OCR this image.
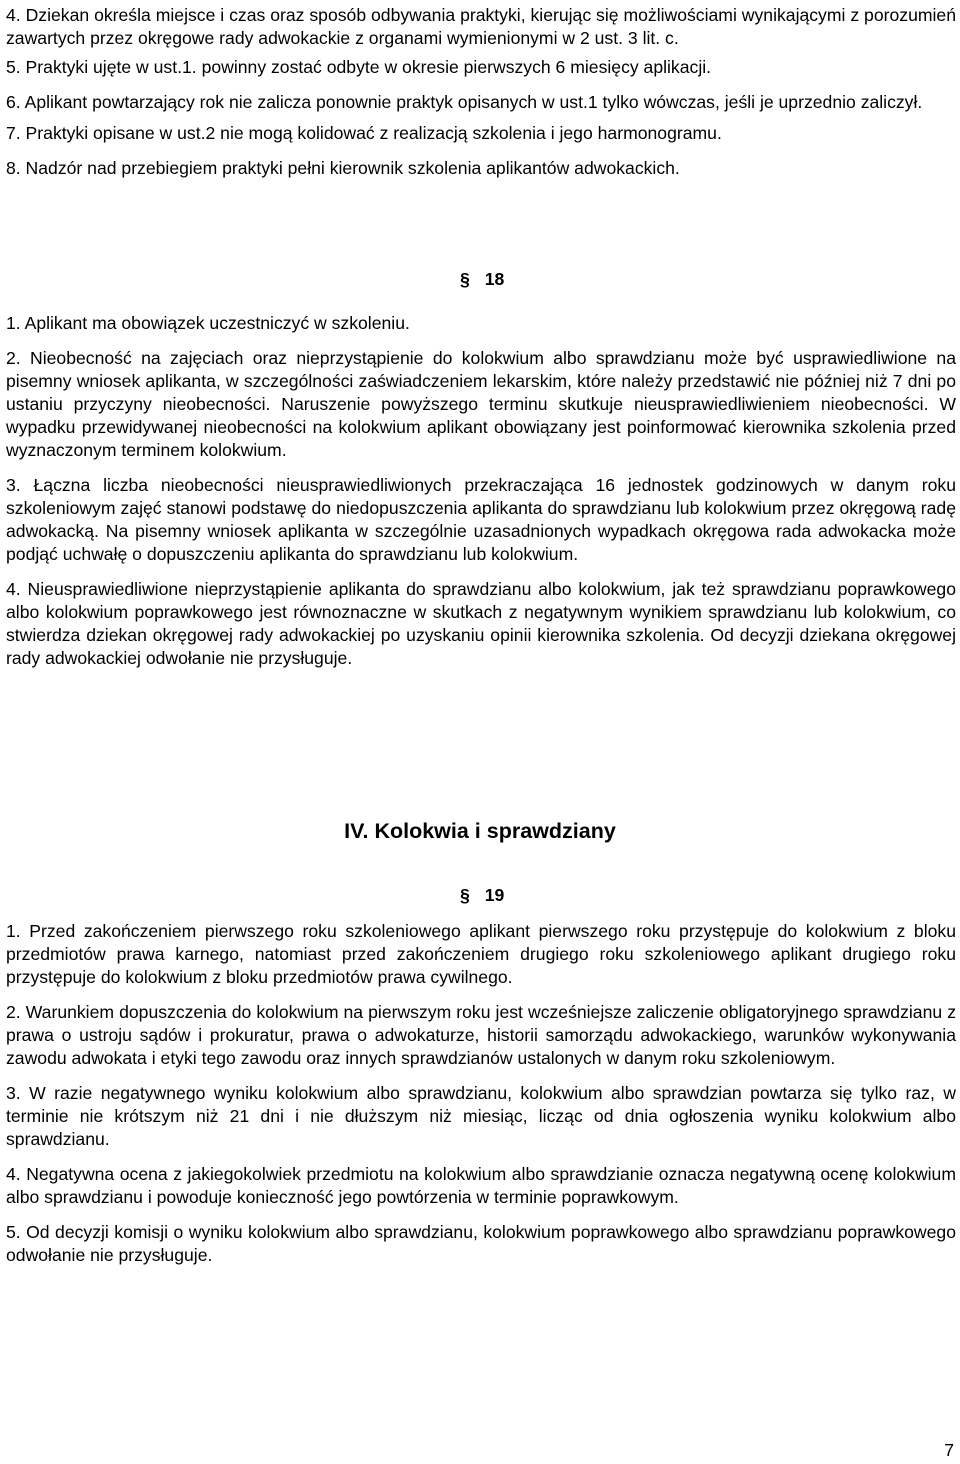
4. Dziekan określa miejsce i czas oraz sposób odbywania praktyki, kierując się możliwościami wynikającymi z porozumień zawartych przez okręgowe rady adwokackie z organami wymienionymi w 2 ust. 3 lit. c.

5. Praktyki ujęte w ust.1. powinny zostać odbyte w okresie pierwszych 6 miesięcy aplikacji.

6. Aplikant powtarzający rok nie zalicza ponownie praktyk opisanych w ust.1 tylko wówczas, jeśli je uprzednio zaliczył.

7. Praktyki opisane w ust.2 nie mogą kolidować z realizacją szkolenia i jego harmonogramu.

8. Nadzór nad przebiegiem praktyki pełni kierownik szkolenia aplikantów adwokackich.

§ 18

1. Aplikant ma obowiązek uczestniczyć w szkoleniu.

2. Nieobecność na zajęciach oraz nieprzystąpienie do kolokwium albo sprawdzianu może być usprawiedliwione na pisemny wniosek aplikanta, w szczególności zaświadczeniem lekarskim, które należy przedstawić nie później niż 7 dni po ustaniu przyczyny nieobecności. Naruszenie powyższego terminu skutkuje nieusprawiedliwieniem nieobecności. W wypadku przewidywanej nieobecności na kolokwium aplikant obowiązany jest poinformować kierownika szkolenia przed wyznaczonym terminem kolokwium.

3. Łączna liczba nieobecności nieusprawiedliwionych przekraczająca 16 jednostek godzinowych w danym roku szkoleniowym zajęć stanowi podstawę do niedopuszczenia aplikanta do sprawdzianu lub kolokwium przez okręgową radę adwokacką. Na pisemny wniosek aplikanta w szczególnie uzasadnionych wypadkach okręgowa rada adwokacka może podjąć uchwałę o dopuszczeniu aplikanta do sprawdzianu lub kolokwium.

4. Nieusprawiedliwione nieprzystąpienie aplikanta do sprawdzianu albo kolokwium, jak też sprawdzianu poprawkowego albo kolokwium poprawkowego jest równoznaczne w skutkach z negatywnym wynikiem sprawdzianu lub kolokwium, co stwierdza dziekan okręgowej rady adwokackiej po uzyskaniu opinii kierownika szkolenia. Od decyzji dziekana okręgowej rady adwokackiej odwołanie nie przysługuje.

IV. Kolokwia i sprawdziany
§ 19

1. Przed zakończeniem pierwszego roku szkoleniowego aplikant pierwszego roku przystępuje do kolokwium z bloku przedmiotów prawa karnego, natomiast przed zakończeniem drugiego roku szkoleniowego aplikant drugiego roku przystępuje do kolokwium z bloku przedmiotów prawa cywilnego.

2. Warunkiem dopuszczenia do kolokwium na pierwszym roku jest wcześniejsze zaliczenie obligatoryjnego sprawdzianu z prawa o ustroju sądów i prokuratur, prawa o adwokaturze, historii samorządu adwokackiego, warunków wykonywania zawodu adwokata i etyki tego zawodu oraz innych sprawdzianów ustalonych w danym roku szkoleniowym.

3. W razie negatywnego wyniku kolokwium albo sprawdzianu, kolokwium albo sprawdzian powtarza się tylko raz, w terminie nie krótszym niż 21 dni i nie dłuższym niż miesiąc, licząc od dnia ogłoszenia wyniku kolokwium albo sprawdzianu.

4. Negatywna ocena z jakiegokolwiek przedmiotu na kolokwium albo sprawdzianie oznacza negatywną ocenę kolokwium albo sprawdzianu i powoduje konieczność jego powtórzenia w terminie poprawkowym.

5. Od decyzji komisji o wyniku kolokwium albo sprawdzianu, kolokwium poprawkowego albo sprawdzianu poprawkowego odwołanie nie przysługuje.

7
